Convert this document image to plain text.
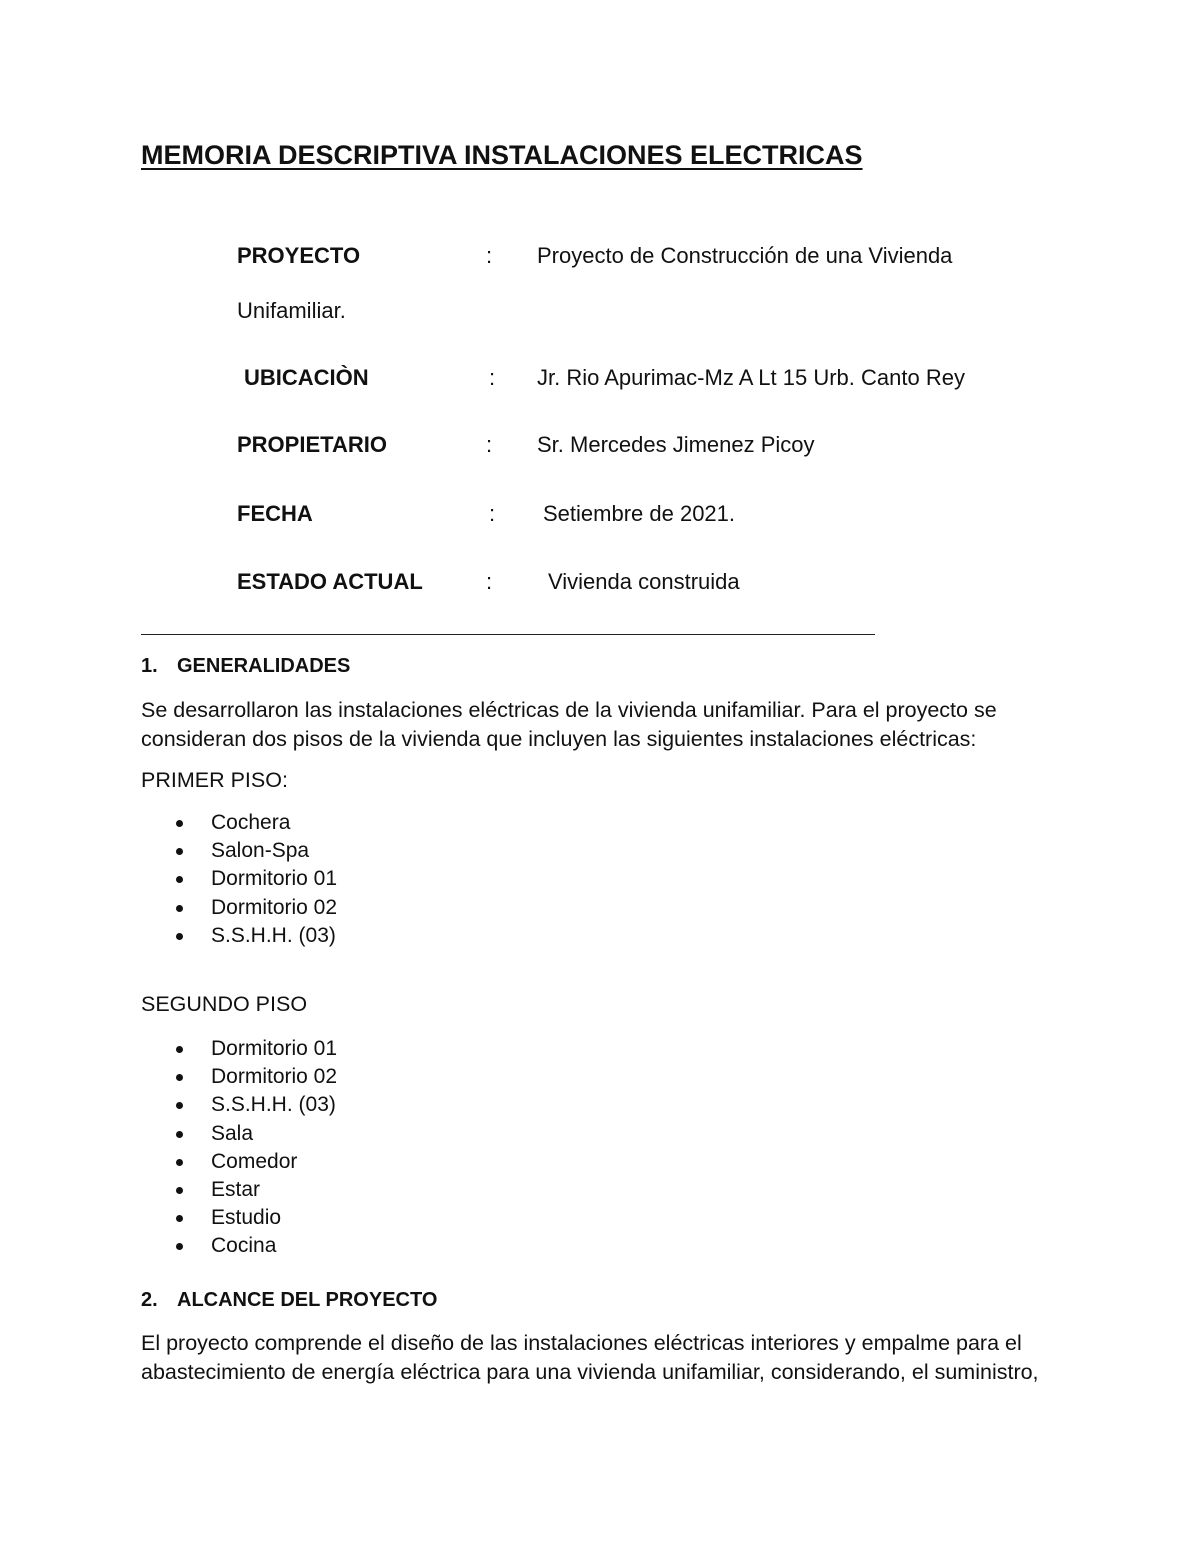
MEMORIA DESCRIPTIVA INSTALACIONES ELECTRICAS
PROYECTO	: Proyecto de Construcción de una Vivienda
Unifamiliar.
UBICACIÒN	: Jr. Rio Apurimac-Mz A Lt 15 Urb. Canto Rey
PROPIETARIO	: Sr. Mercedes Jimenez Picoy
FECHA	: Setiembre de 2021.
ESTADO ACTUAL	:	Vivienda construida
1. GENERALIDADES
Se desarrollaron las instalaciones eléctricas de la vivienda unifamiliar. Para el proyecto se consideran dos pisos de la vivienda que incluyen las siguientes instalaciones eléctricas:
PRIMER PISO:
Cochera
Salon-Spa
Dormitorio 01
Dormitorio 02
S.S.H.H. (03)
SEGUNDO PISO
Dormitorio 01
Dormitorio 02
S.S.H.H. (03)
Sala
Comedor
Estar
Estudio
Cocina
2. ALCANCE DEL PROYECTO
El proyecto comprende el diseño de las instalaciones eléctricas interiores y empalme para el abastecimiento de energía eléctrica para una vivienda unifamiliar, considerando, el suministro,
